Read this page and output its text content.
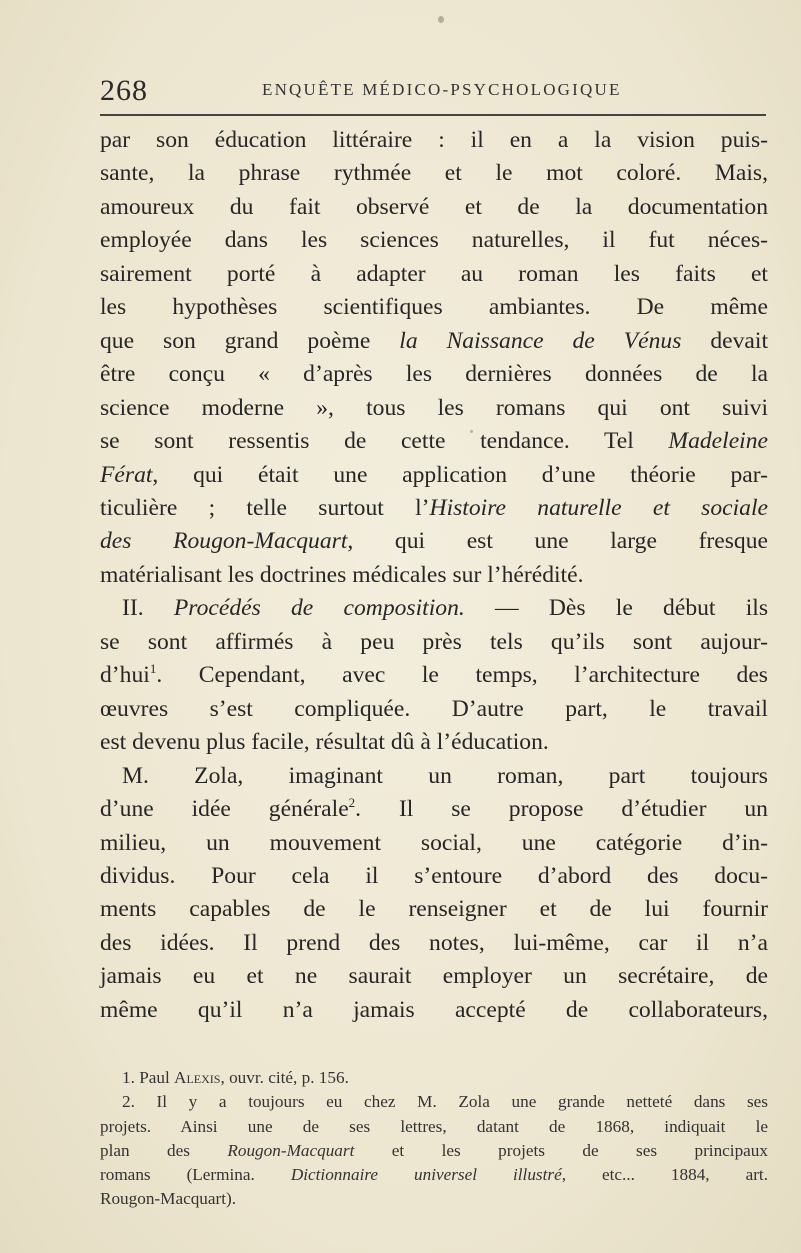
268	ENQUÊTE MÉDICO-PSYCHOLOGIQUE
par son éducation littéraire : il en a la vision puis-
sante, la phrase rythmée et le mot coloré. Mais,
amoureux du fait observé et de la documentation
employée dans les sciences naturelles, il fut néces-
sairement porté à adapter au roman les faits et
les hypothèses scientifiques ambiantes. De même
que son grand poème la Naissance de Vénus devait
être conçu « d’après les dernières données de la
science moderne », tous les romans qui ont suivi
se sont ressentis de cette tendance. Tel Madeleine
Férat, qui était une application d’une théorie par-
ticulière ; telle surtout l’Histoire naturelle et sociale
des Rougon-Macquart, qui est une large fresque
matérialisant les doctrines médicales sur l’hérédité.
II. Procédés de composition. — Dès le début ils
se sont affirmés à peu près tels qu’ils sont aujour-
d’hui$^1$. Cependant, avec le temps, l’architecture des
œuvres s’est compliquée. D’autre part, le travail
est devenu plus facile, résultat dû à l’éducation.
M. Zola, imaginant un roman, part toujours
d’une idée générale$^2$. Il se propose d’étudier un
milieu, un mouvement social, une catégorie d’in-
dividus. Pour cela il s’entoure d’abord des docu-
ments capables de le renseigner et de lui fournir
des idées. Il prend des notes, lui-même, car il n’a
jamais eu et ne saurait employer un secrétaire, de
même qu’il n’a jamais accepté de collaborateurs,
1. Paul Alexis, ouvr. cité, p. 156.
2. Il y a toujours eu chez M. Zola une grande netteté dans ses
projets. Ainsi une de ses lettres, datant de 1868, indiquait le
plan des Rougon-Macquart et les projets de ses principaux
romans (Lermina. Dictionnaire universel illustré, etc... 1884, art.
Rougon-Macquart).
